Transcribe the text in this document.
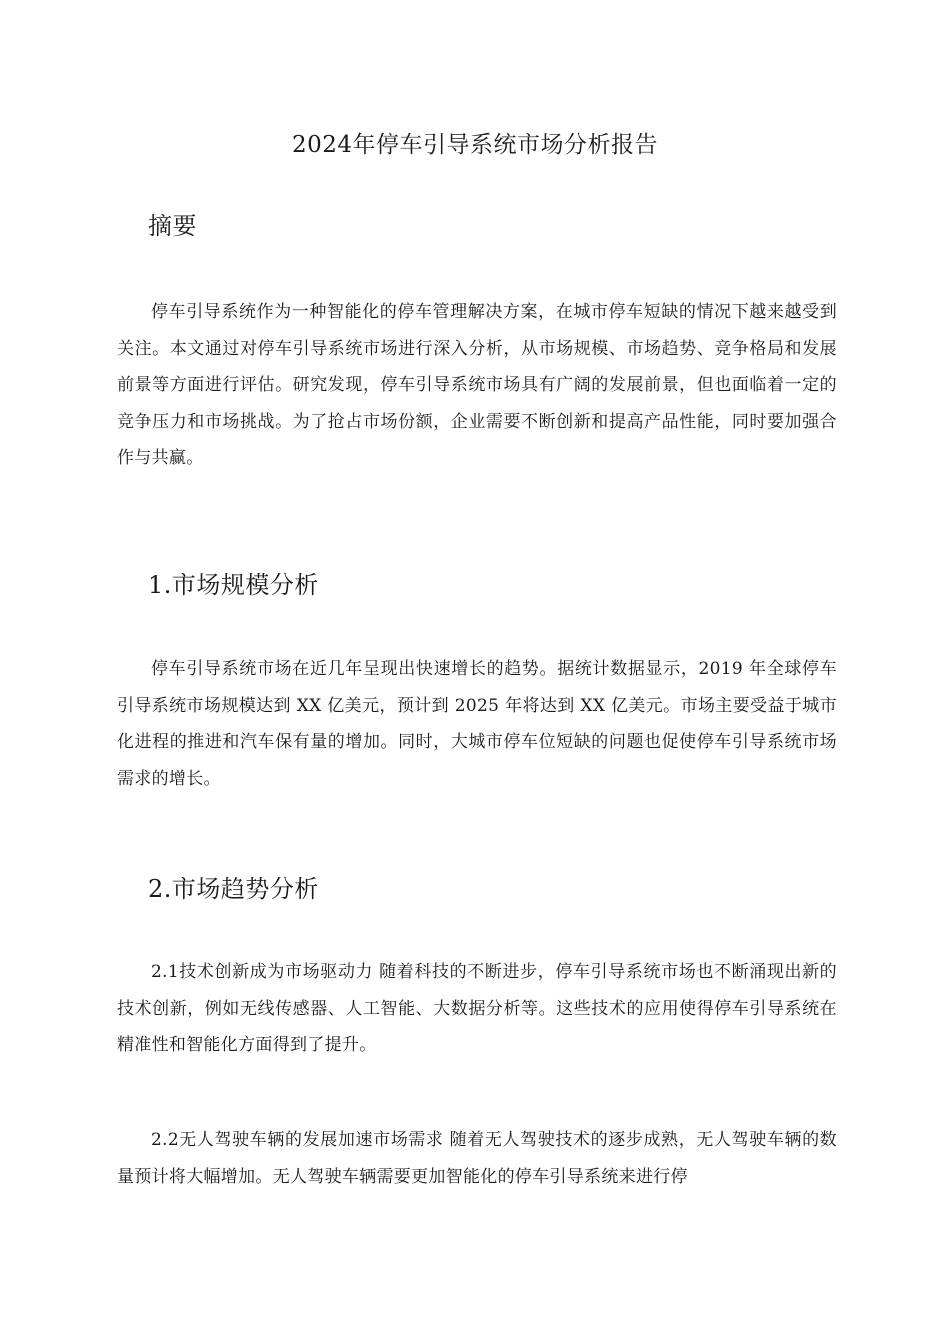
2024年停车引导系统市场分析报告
摘要
停车引导系统作为一种智能化的停车管理解决方案，在城市停车短缺的情况下越来越受到关注。本文通过对停车引导系统市场进行深入分析，从市场规模、市场趋势、竞争格局和发展前景等方面进行评估。研究发现，停车引导系统市场具有广阔的发展前景，但也面临着一定的竞争压力和市场挑战。为了抢占市场份额，企业需要不断创新和提高产品性能，同时要加强合作与共赢。
1.市场规模分析
停车引导系统市场在近几年呈现出快速增长的趋势。据统计数据显示，2019 年全球停车引导系统市场规模达到 XX 亿美元，预计到 2025 年将达到 XX 亿美元。市场主要受益于城市化进程的推进和汽车保有量的增加。同时，大城市停车位短缺的问题也促使停车引导系统市场需求的增长。
2.市场趋势分析
2.1技术创新成为市场驱动力 随着科技的不断进步，停车引导系统市场也不断涌现出新的技术创新，例如无线传感器、人工智能、大数据分析等。这些技术的应用使得停车引导系统在精准性和智能化方面得到了提升。
2.2无人驾驶车辆的发展加速市场需求 随着无人驾驶技术的逐步成熟，无人驾驶车辆的数量预计将大幅增加。无人驾驶车辆需要更加智能化的停车引导系统来进行停
